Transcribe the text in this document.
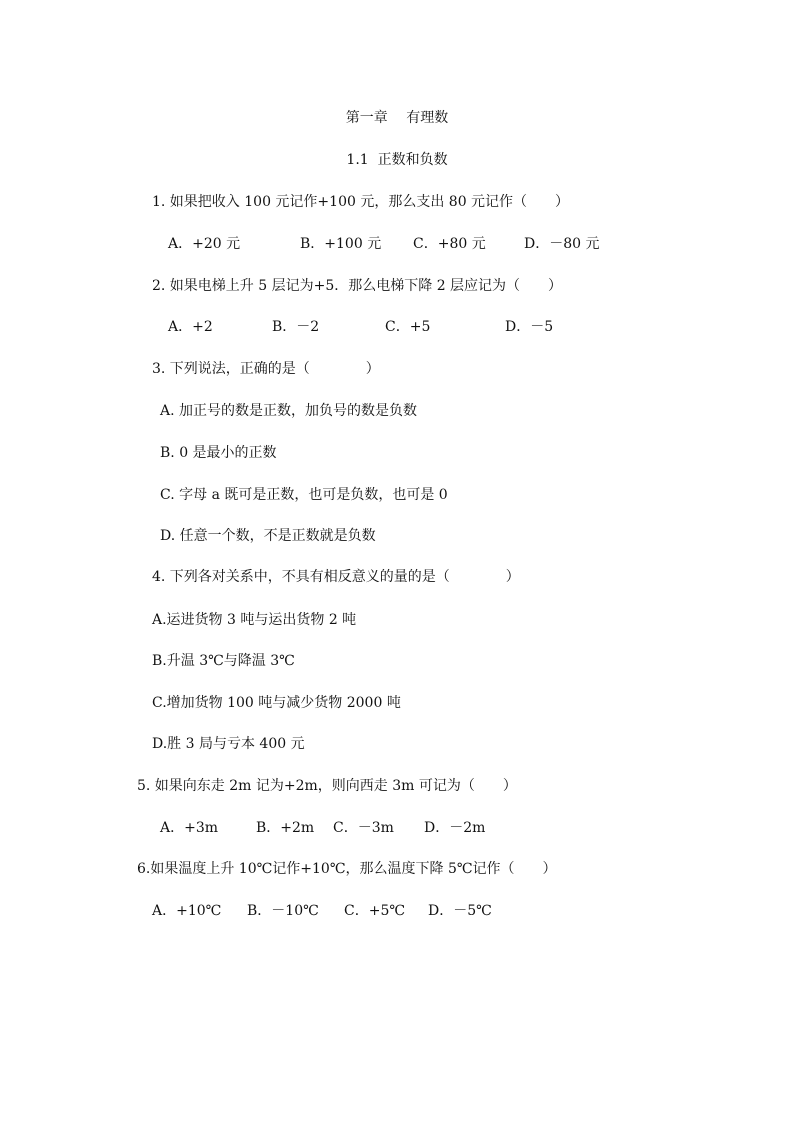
第一章　 有理数
1.1  正数和负数
1. 如果把收入 100 元记作+100 元，那么支出 80 元记作（　　）
A．+20 元	B．+100 元 C．+80 元	D．－80 元
2. 如果电梯上升 5 层记为+5．那么电梯下降 2 层应记为（　　）
A．+2	B．－2	C．+5	D．－5
3. 下列说法，正确的是（　　　　）
A. 加正号的数是正数，加负号的数是负数
B. 0 是最小的正数
C. 字母 a 既可是正数，也可是负数，也可是 0
D. 任意一个数，不是正数就是负数
4. 下列各对关系中，不具有相反意义的量的是（　　　　）
A.运进货物 3 吨与运出货物 2 吨
B.升温 3℃与降温 3℃
C.增加货物 100 吨与减少货物 2000 吨
D.胜 3 局与亏本 400 元
5. 如果向东走 2m 记为+2m，则向西走 3m 可记为（　　）
A．+3m	B．+2m C．－3m D．－2m
6.如果温度上升 10℃记作+10℃，那么温度下降 5℃记作（　　）
A．+10℃ B．－10℃ C．+5℃ D．－5℃
